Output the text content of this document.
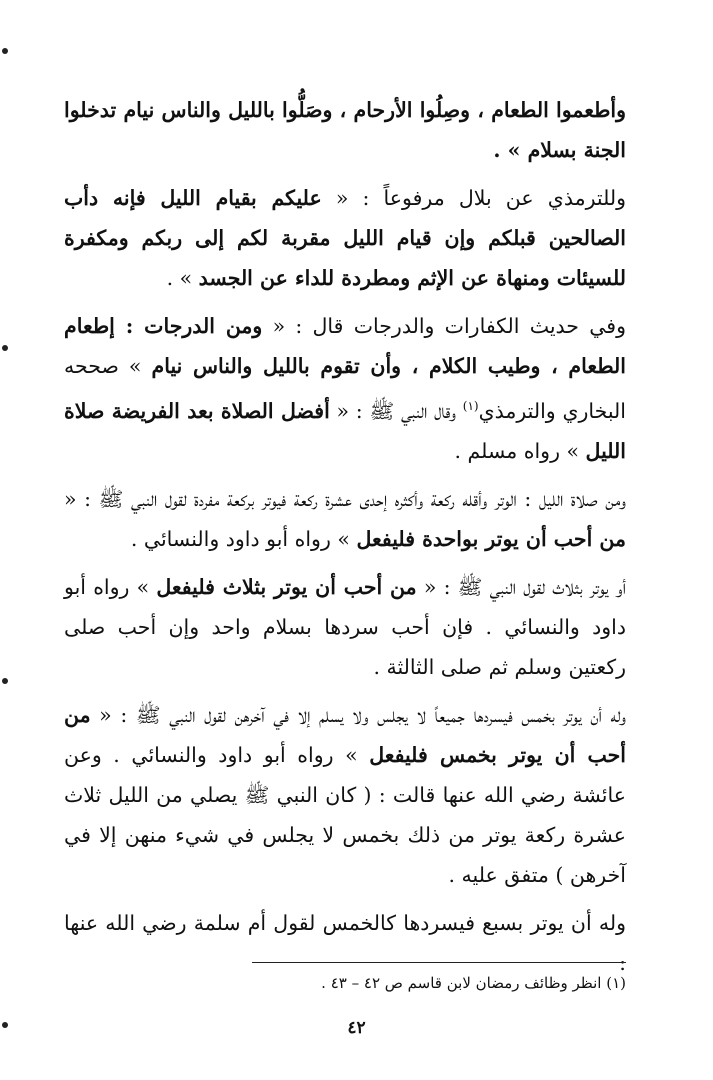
وأطعموا الطعام ، وصِلُوا الأرحام ، وصَلُّوا بالليل والناس نيام تدخلوا الجنة بسلام » .

وللترمذي عن بلال مرفوعاً : « عليكم بقيام الليل فإنه دأب الصالحين قبلكم وإن قيام الليل مقربة لكم إلى ربكم ومكفرة للسيئات ومنهاة عن الإثم ومطردة للداء عن الجسد » .

وفي حديث الكفارات والدرجات قال : « ومن الدرجات : إطعام الطعام ، وطيب الكلام ، وأن تقوم بالليل والناس نيام » صححه البخاري والترمذي$^{(١)}$ وقال النبي ﷺ : « أفضل الصلاة بعد الفريضة صلاة الليل » رواه مسلم .

ومن صلاة الليل : الوتر وأقله ركعة وأكثره إحدى عشرة ركعة فيوتر بركعة مفردة لقول النبي ﷺ : « من أحب أن يوتر بواحدة فليفعل » رواه أبو داود والنسائي .

أو يوتر بثلاث لقول النبي ﷺ : « من أحب أن يوتر بثلاث فليفعل » رواه أبو داود والنسائي . فإن أحب سردها بسلام واحد وإن أحب صلى ركعتين وسلم ثم صلى الثالثة .

وله أن يوتر بخمس فيسردها جميعاً لا يجلس ولا يسلم إلا في آخرهن لقول النبي ﷺ : « من أحب أن يوتر بخمس فليفعل » رواه أبو داود والنسائي . وعن عائشة رضي الله عنها قالت : ( كان النبي ﷺ يصلي من الليل ثلاث عشرة ركعة يوتر من ذلك بخمس لا يجلس في شيء منهن إلا في آخرهن ) متفق عليه .

وله أن يوتر بسبع فيسردها كالخمس لقول أم سلمة رضي الله عنها :

(١) انظر وظائف رمضان لابن قاسم ص ٤٢ – ٤٣ .
٤٢
